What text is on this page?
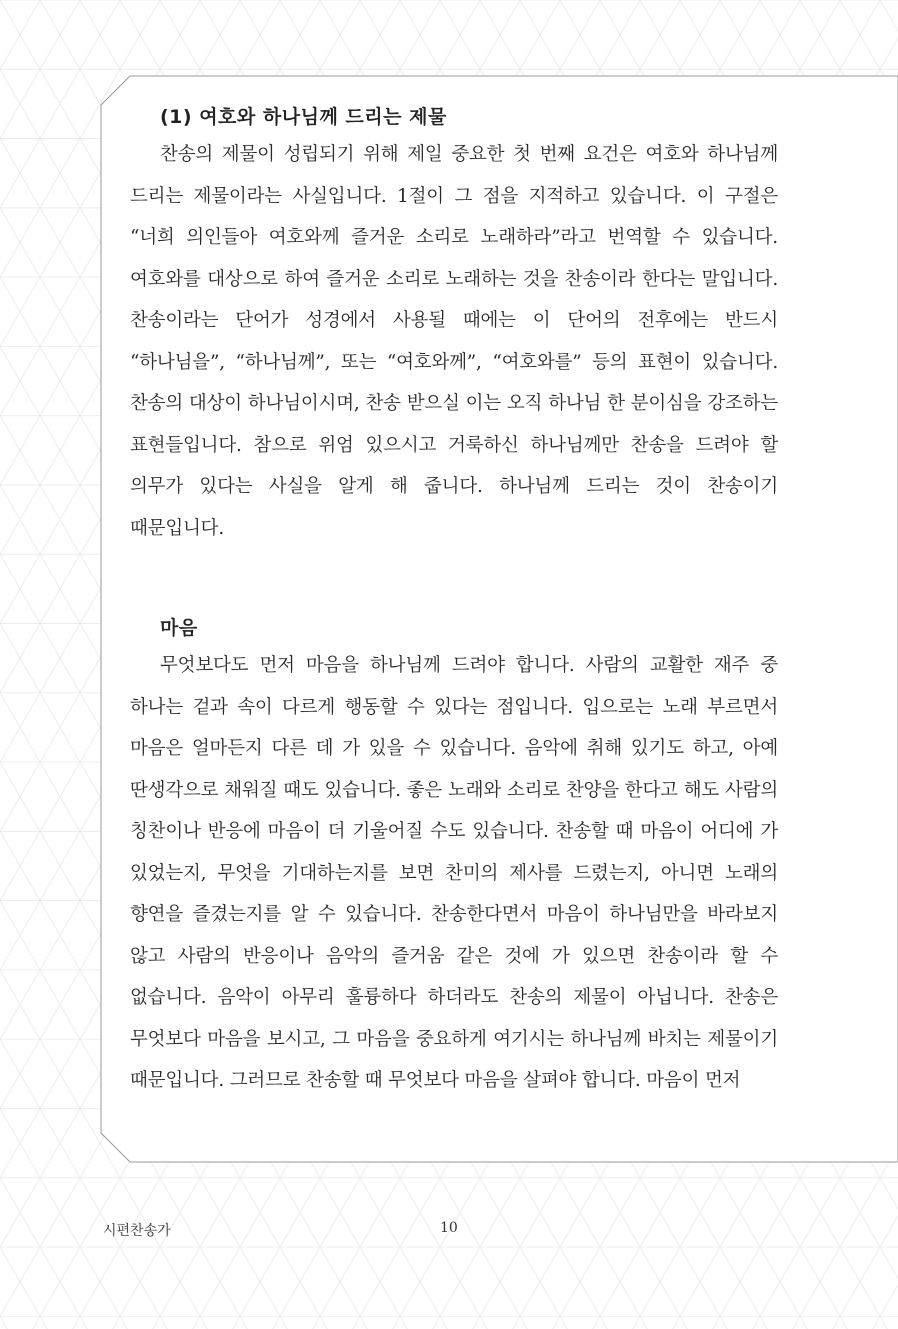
(1) 여호와 하나님께 드리는 제물

찬송의 제물이 성립되기 위해 제일 중요한 첫 번째 요건은 여호와 하나님께 드리는 제물이라는 사실입니다. 1절이 그 점을 지적하고 있습니다. 이 구절은 “너희 의인들아 여호와께 즐거운 소리로 노래하라”라고 번역할 수 있습니다. 여호와를 대상으로 하여 즐거운 소리로 노래하는 것을 찬송이라 한다는 말입니다. 찬송이라는 단어가 성경에서 사용될 때에는 이 단어의 전후에는 반드시 “하나님을”, “하나님께”, 또는 “여호와께”, “여호와를” 등의 표현이 있습니다. 찬송의 대상이 하나님이시며, 찬송 받으실 이는 오직 하나님 한 분이심을 강조하는 표현들입니다. 참으로 위엄 있으시고 거룩하신 하나님께만 찬송을 드려야 할 의무가 있다는 사실을 알게 해 줍니다. 하나님께 드리는 것이 찬송이기 때문입니다.

마음

무엇보다도 먼저 마음을 하나님께 드려야 합니다. 사람의 교활한 재주 중 하나는 겉과 속이 다르게 행동할 수 있다는 점입니다. 입으로는 노래 부르면서 마음은 얼마든지 다른 데 가 있을 수 있습니다. 음악에 취해 있기도 하고, 아예 딴생각으로 채워질 때도 있습니다. 좋은 노래와 소리로 찬양을 한다고 해도 사람의 칭찬이나 반응에 마음이 더 기울어질 수도 있습니다. 찬송할 때 마음이 어디에 가 있었는지, 무엇을 기대하는지를 보면 찬미의 제사를 드렸는지, 아니면 노래의 향연을 즐겼는지를 알 수 있습니다. 찬송한다면서 마음이 하나님만을 바라보지 않고 사람의 반응이나 음악의 즐거움 같은 것에 가 있으면 찬송이라 할 수 없습니다. 음악이 아무리 훌륭하다 하더라도 찬송의 제물이 아닙니다. 찬송은 무엇보다 마음을 보시고, 그 마음을 중요하게 여기시는 하나님께 바치는 제물이기 때문입니다. 그러므로 찬송할 때 무엇보다 마음을 살펴야 합니다. 마음이 먼저

시편찬송가	10
